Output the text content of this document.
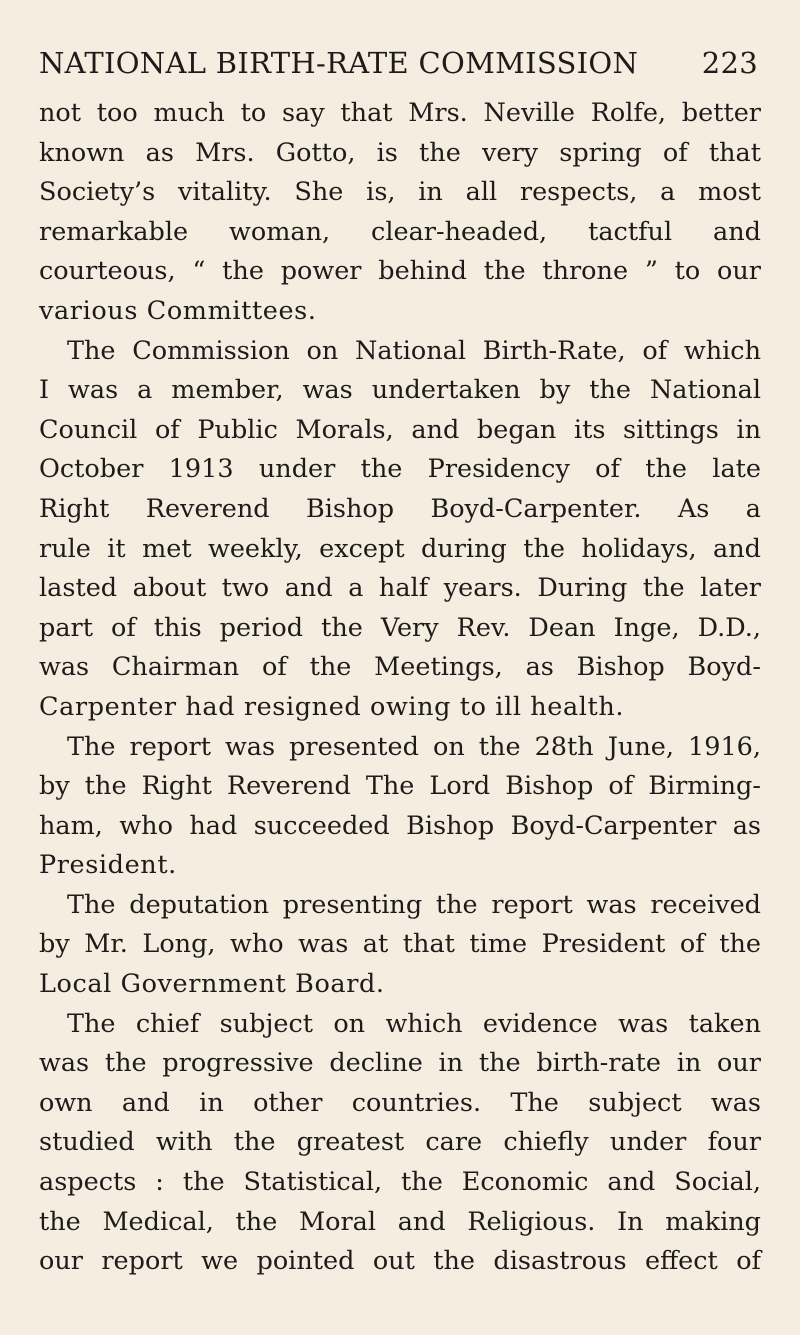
NATIONAL BIRTH-RATE COMMISSION 223
not too much to say that Mrs. Neville Rolfe, better
known as Mrs. Gotto, is the very spring of that
Society’s vitality. She is, in all respects, a most
remarkable woman, clear-headed, tactful and
courteous, “ the power behind the throne ” to our
various Committees.
The Commission on National Birth-Rate, of which
I was a member, was undertaken by the National
Council of Public Morals, and began its sittings in
October 1913 under the Presidency of the late
Right Reverend Bishop Boyd-Carpenter. As a
rule it met weekly, except during the holidays, and
lasted about two and a half years. During the later
part of this period the Very Rev. Dean Inge, D.D.,
was Chairman of the Meetings, as Bishop Boyd-
Carpenter had resigned owing to ill health.
The report was presented on the 28th June, 1916,
by the Right Reverend The Lord Bishop of Birming-
ham, who had succeeded Bishop Boyd-Carpenter as
President.
The deputation presenting the report was received
by Mr. Long, who was at that time President of the
Local Government Board.
The chief subject on which evidence was taken
was the progressive decline in the birth-rate in our
own and in other countries. The subject was
studied with the greatest care chiefly under four
aspects : the Statistical, the Economic and Social,
the Medical, the Moral and Religious. In making
our report we pointed out the disastrous effect of
